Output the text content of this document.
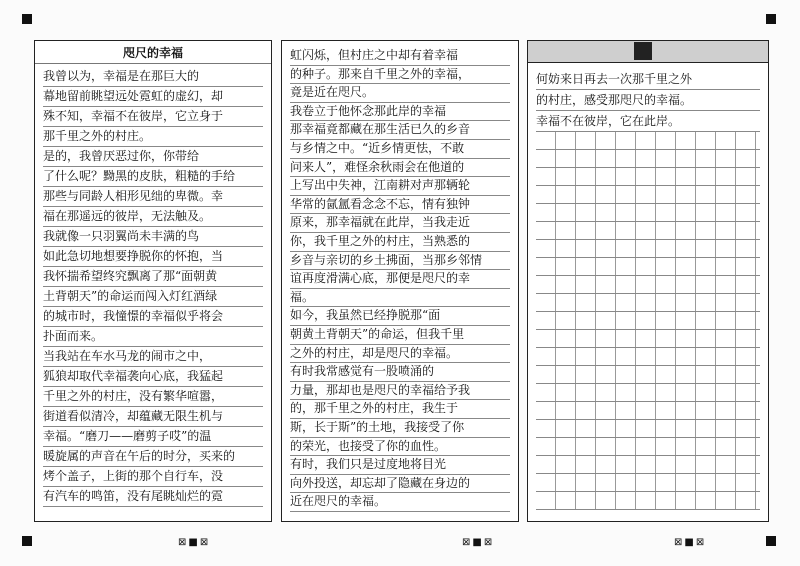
咫尺的幸福
我曾以为，幸福是在那巨大的
幕地留前眺望远处霓虹的虚幻，却
殊不知，幸福不在彼岸，它立身于
那千里之外的村庄。
是的，我曾厌恶过你，你带给
了什么呢？黝黑的皮肤，粗糙的手给
那些与同龄人相形见绌的卑微。幸
福在那遥远的彼岸，无法触及。
我就像一只羽翼尚未丰满的鸟
如此急切地想要挣脱你的怀抱，当
我怀揣希望终究飘离了那“面朝黄
土背朝天”的命运而闯入灯红酒绿
的城市时，我憧憬的幸福似乎将会
扑面而来。
当我站在车水马龙的闹市之中，
狐狼却取代幸福袭向心底，我猛起
千里之外的村庄，没有繁华喧嚣，
街道看似清冷，却蕴藏无限生机与
幸福。“磨刀——磨剪子哎”的温
暖旋属的声音在午后的时分，买来的
烤个盖子，上街的那个自行车，没
有汽车的鸣笛，没有尾眺灿烂的霓
虹闪烁，但村庄之中却有着幸福
的种子。那来自千里之外的幸福，
竟是近在咫尺。
我卷立于他怀念那此岸的幸福
那幸福竟都藏在那生活已久的乡音
与乡情之中。“近乡情更怯，不敢
问来人”，难怪余秋雨会在他道的
上写出中失神，江南耕对声那辆轮
华常的氤氲看念念不忘，情有独钟
原来，那幸福就在此岸，当我走近
你，我千里之外的村庄，当熟悉的
乡音与亲切的乡土拂面，当那乡邻情
谊再度滑满心底，那便是咫尺的幸
福。
如今，我虽然已经挣脱那“面
朝黄土背朝天”的命运，但我千里
之外的村庄，却是咫尺的幸福。
有时我常感觉有一股喷涌的
力量，那却也是咫尺的幸福给予我
的，那千里之外的村庄，我生于
斯，长于斯”的土地，我接受了你
的荣光，也接受了你的血性。
有时，我们只是过度地将目光
向外投送，却忘却了隐藏在身边的
近在咫尺的幸福。
何妨来日再去一次那千里之外
的村庄，感受那咫尺的幸福。
幸福不在彼岸，它在此岸。
⊠■⊠	⊠■⊠	⊠■⊠
